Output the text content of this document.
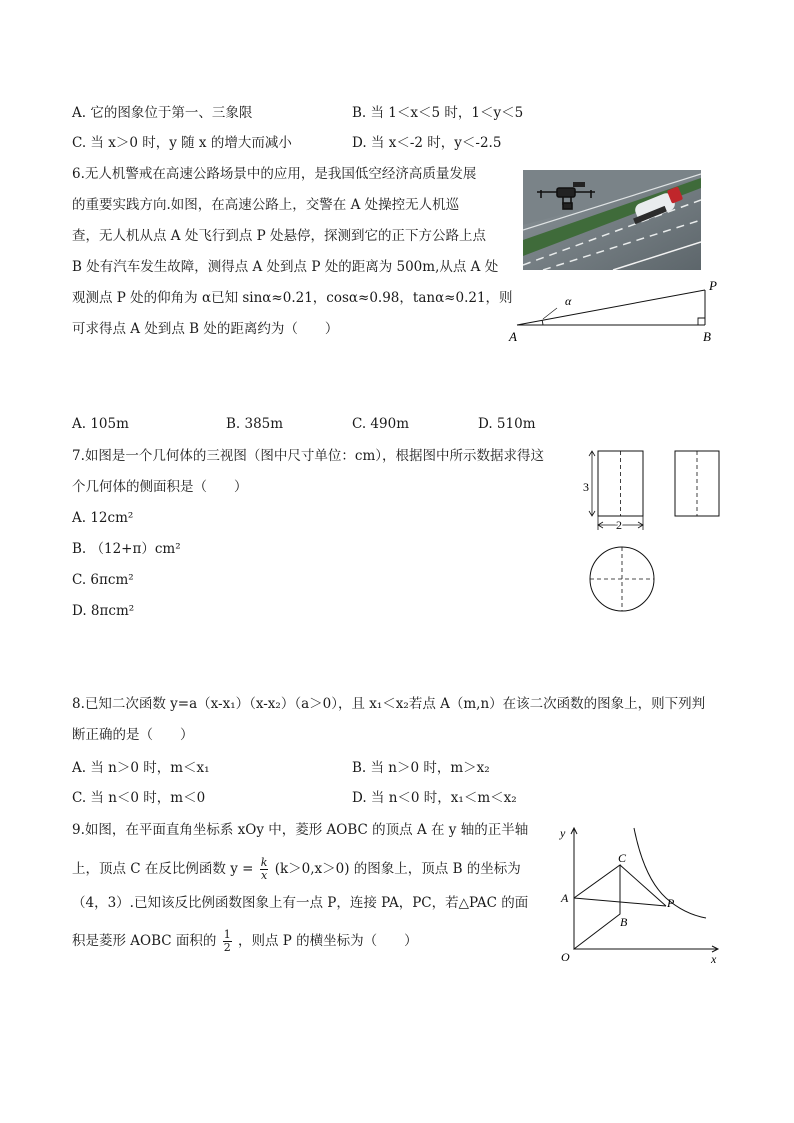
A. 它的图象位于第一、三象限	B. 当 1＜x＜5 时，1＜y＜5
C. 当 x＞0 时，y 随 x 的增大而减小	D. 当 x＜-2 时，y＜-2.5
6.无人机警戒在高速公路场景中的应用，是我国低空经济高质量发展
的重要实践方向.如图，在高速公路上，交警在 A 处操控无人机巡
查，无人机从点 A 处飞行到点 P 处悬停，探测到它的正下方公路上点
B 处有汽车发生故障，测得点 A 处到点 P 处的距离为 500m,从点 A 处
观测点 P 处的仰角为 α已知 sinα≈0.21，cosα≈0.98，tanα≈0.21，则
可求得点 A 处到点 B 处的距离约为（　　）
P
A	B
α
A. 105m	B. 385m	C. 490m	D. 510m
7.如图是一个几何体的三视图（图中尺寸单位：cm），根据图中所示数据求得这
个几何体的侧面积是（　　）
A. 12cm²
B. （12+π）cm²
C. 6πcm²
D. 8πcm²
3
2
8.已知二次函数 y=a（x-x₁）（x-x₂）（a＞0），且 x₁＜x₂若点 A（m,n）在该二次函数的图象上，则下列判
断正确的是（　　）
A. 当 n＞0 时，m＜x₁	B. 当 n＞0 时，m＞x₂
C. 当 n＜0 时，m＜0	D. 当 n＜0 时，x₁＜m＜x₂
9.如图，在平面直角坐标系 xOy 中，菱形 AOBC 的顶点 A 在 y 轴的正半轴
上，顶点 C 在反比例函数 $y = \frac{k}{x} (k>0,x>0)$ 的图象上，顶点 B 的坐标为
（4，3）.已知该反比例函数图象上有一点 P，连接 PA，PC，若△PAC 的面
积是菱形 AOBC 面积的 $\frac{1}{2}$ ，则点 P 的横坐标为（　　）
y
x
O
A
B
C
P
